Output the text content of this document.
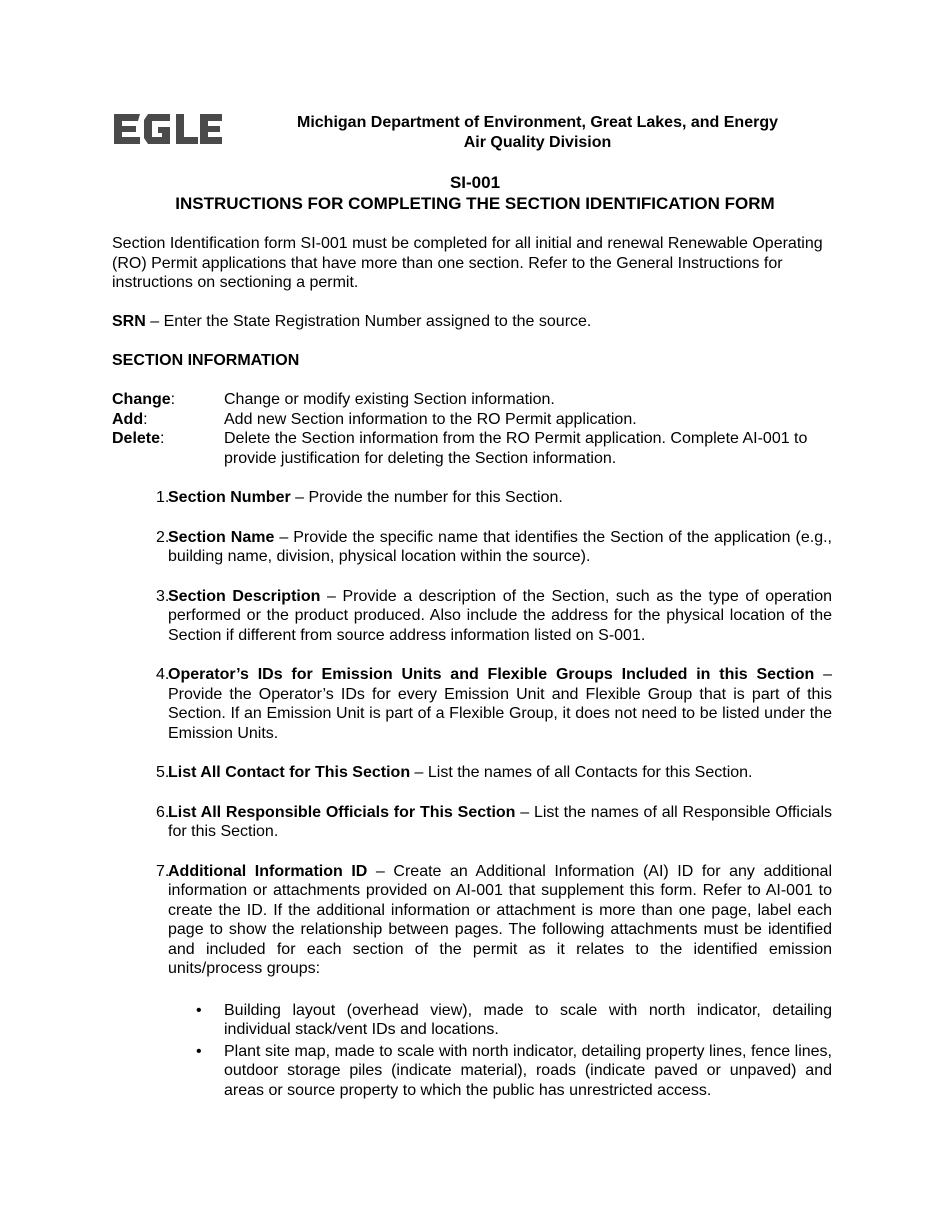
Michigan Department of Environment, Great Lakes, and Energy
Air Quality Division
SI-001
INSTRUCTIONS FOR COMPLETING THE SECTION IDENTIFICATION FORM
Section Identification form SI-001 must be completed for all initial and renewal Renewable Operating (RO) Permit applications that have more than one section. Refer to the General Instructions for instructions on sectioning a permit.
SRN – Enter the State Registration Number assigned to the source.
SECTION INFORMATION
Change:	Change or modify existing Section information.
Add:	Add new Section information to the RO Permit application.
Delete:	Delete the Section information from the RO Permit application. Complete AI-001 to provide justification for deleting the Section information.
1.
Section Number – Provide the number for this Section.
2.
Section Name – Provide the specific name that identifies the Section of the application (e.g., building name, division, physical location within the source).
3.
Section Description – Provide a description of the Section, such as the type of operation performed or the product produced. Also include the address for the physical location of the Section if different from source address information listed on S-001.
4.
Operator’s IDs for Emission Units and Flexible Groups Included in this Section – Provide the Operator’s IDs for every Emission Unit and Flexible Group that is part of this Section. If an Emission Unit is part of a Flexible Group, it does not need to be listed under the Emission Units.
5.
List All Contact for This Section – List the names of all Contacts for this Section.
6.
List All Responsible Officials for This Section – List the names of all Responsible Officials for this Section.
7.
Additional Information ID – Create an Additional Information (AI) ID for any additional information or attachments provided on AI-001 that supplement this form. Refer to AI-001 to create the ID. If the additional information or attachment is more than one page, label each page to show the relationship between pages. The following attachments must be identified and included for each section of the permit as it relates to the identified emission units/process groups:
•	Building layout (overhead view), made to scale with north indicator, detailing individual stack/vent IDs and locations.
•	Plant site map, made to scale with north indicator, detailing property lines, fence lines, outdoor storage piles (indicate material), roads (indicate paved or unpaved) and areas or source property to which the public has unrestricted access.
